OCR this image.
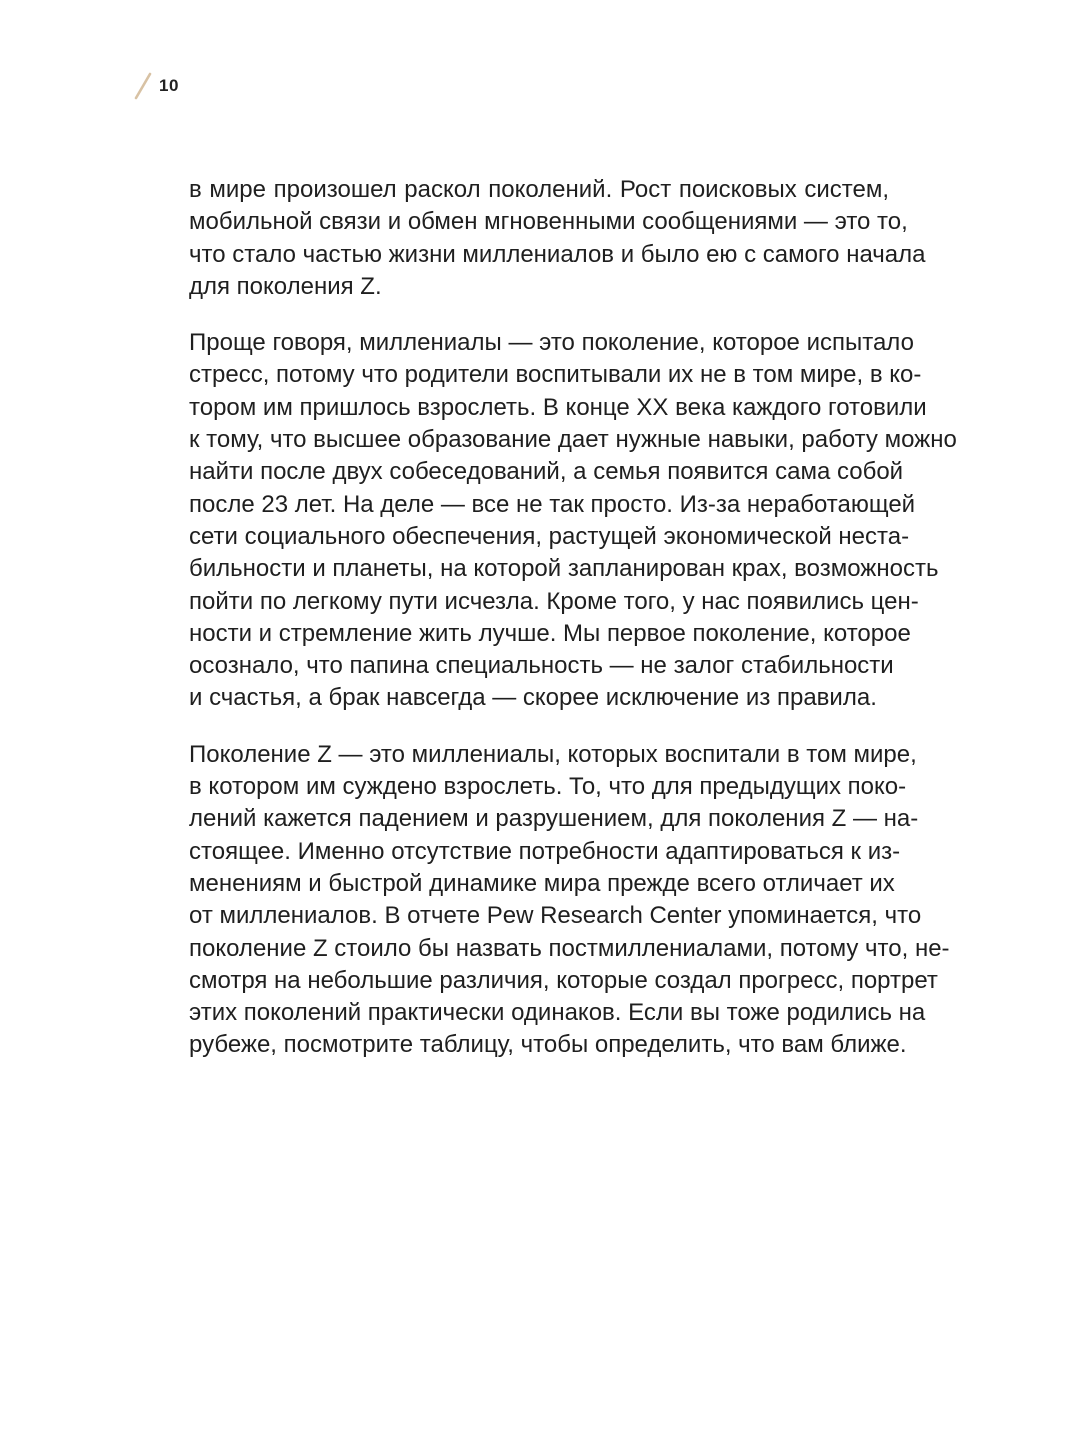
10
в мире произошел раскол поколений. Рост поисковых систем,
мобильной связи и обмен мгновенными сообщениями — это то,
что стало частью жизни миллениалов и было ею с самого начала
для поколения Z.
Проще говоря, миллениалы — это поколение, которое испытало
стресс, потому что родители воспитывали их не в том мире, в ко-
тором им пришлось взрослеть. В конце XX века каждого готовили
к тому, что высшее образование дает нужные навыки, работу можно
найти после двух собеседований, а семья появится сама собой
после 23 лет. На деле — все не так просто. Из-за неработающей
сети социального обеспечения, растущей экономической неста-
бильности и планеты, на которой запланирован крах, возможность
пойти по легкому пути исчезла. Кроме того, у нас появились цен-
ности и стремление жить лучше. Мы первое поколение, которое
осознало, что папина специальность — не залог стабильности
и счастья, а брак навсегда — скорее исключение из правила.
Поколение Z — это миллениалы, которых воспитали в том мире,
в котором им суждено взрослеть. То, что для предыдущих поко-
лений кажется падением и разрушением, для поколения Z — на-
стоящее. Именно отсутствие потребности адаптироваться к из-
менениям и быстрой динамике мира прежде всего отличает их
от миллениалов. В отчете Pew Research Center упоминается, что
поколение Z стоило бы назвать постмиллениалами, потому что, не-
смотря на небольшие различия, которые создал прогресс, портрет
этих поколений практически одинаков. Если вы тоже родились на
рубеже, посмотрите таблицу, чтобы определить, что вам ближе.
